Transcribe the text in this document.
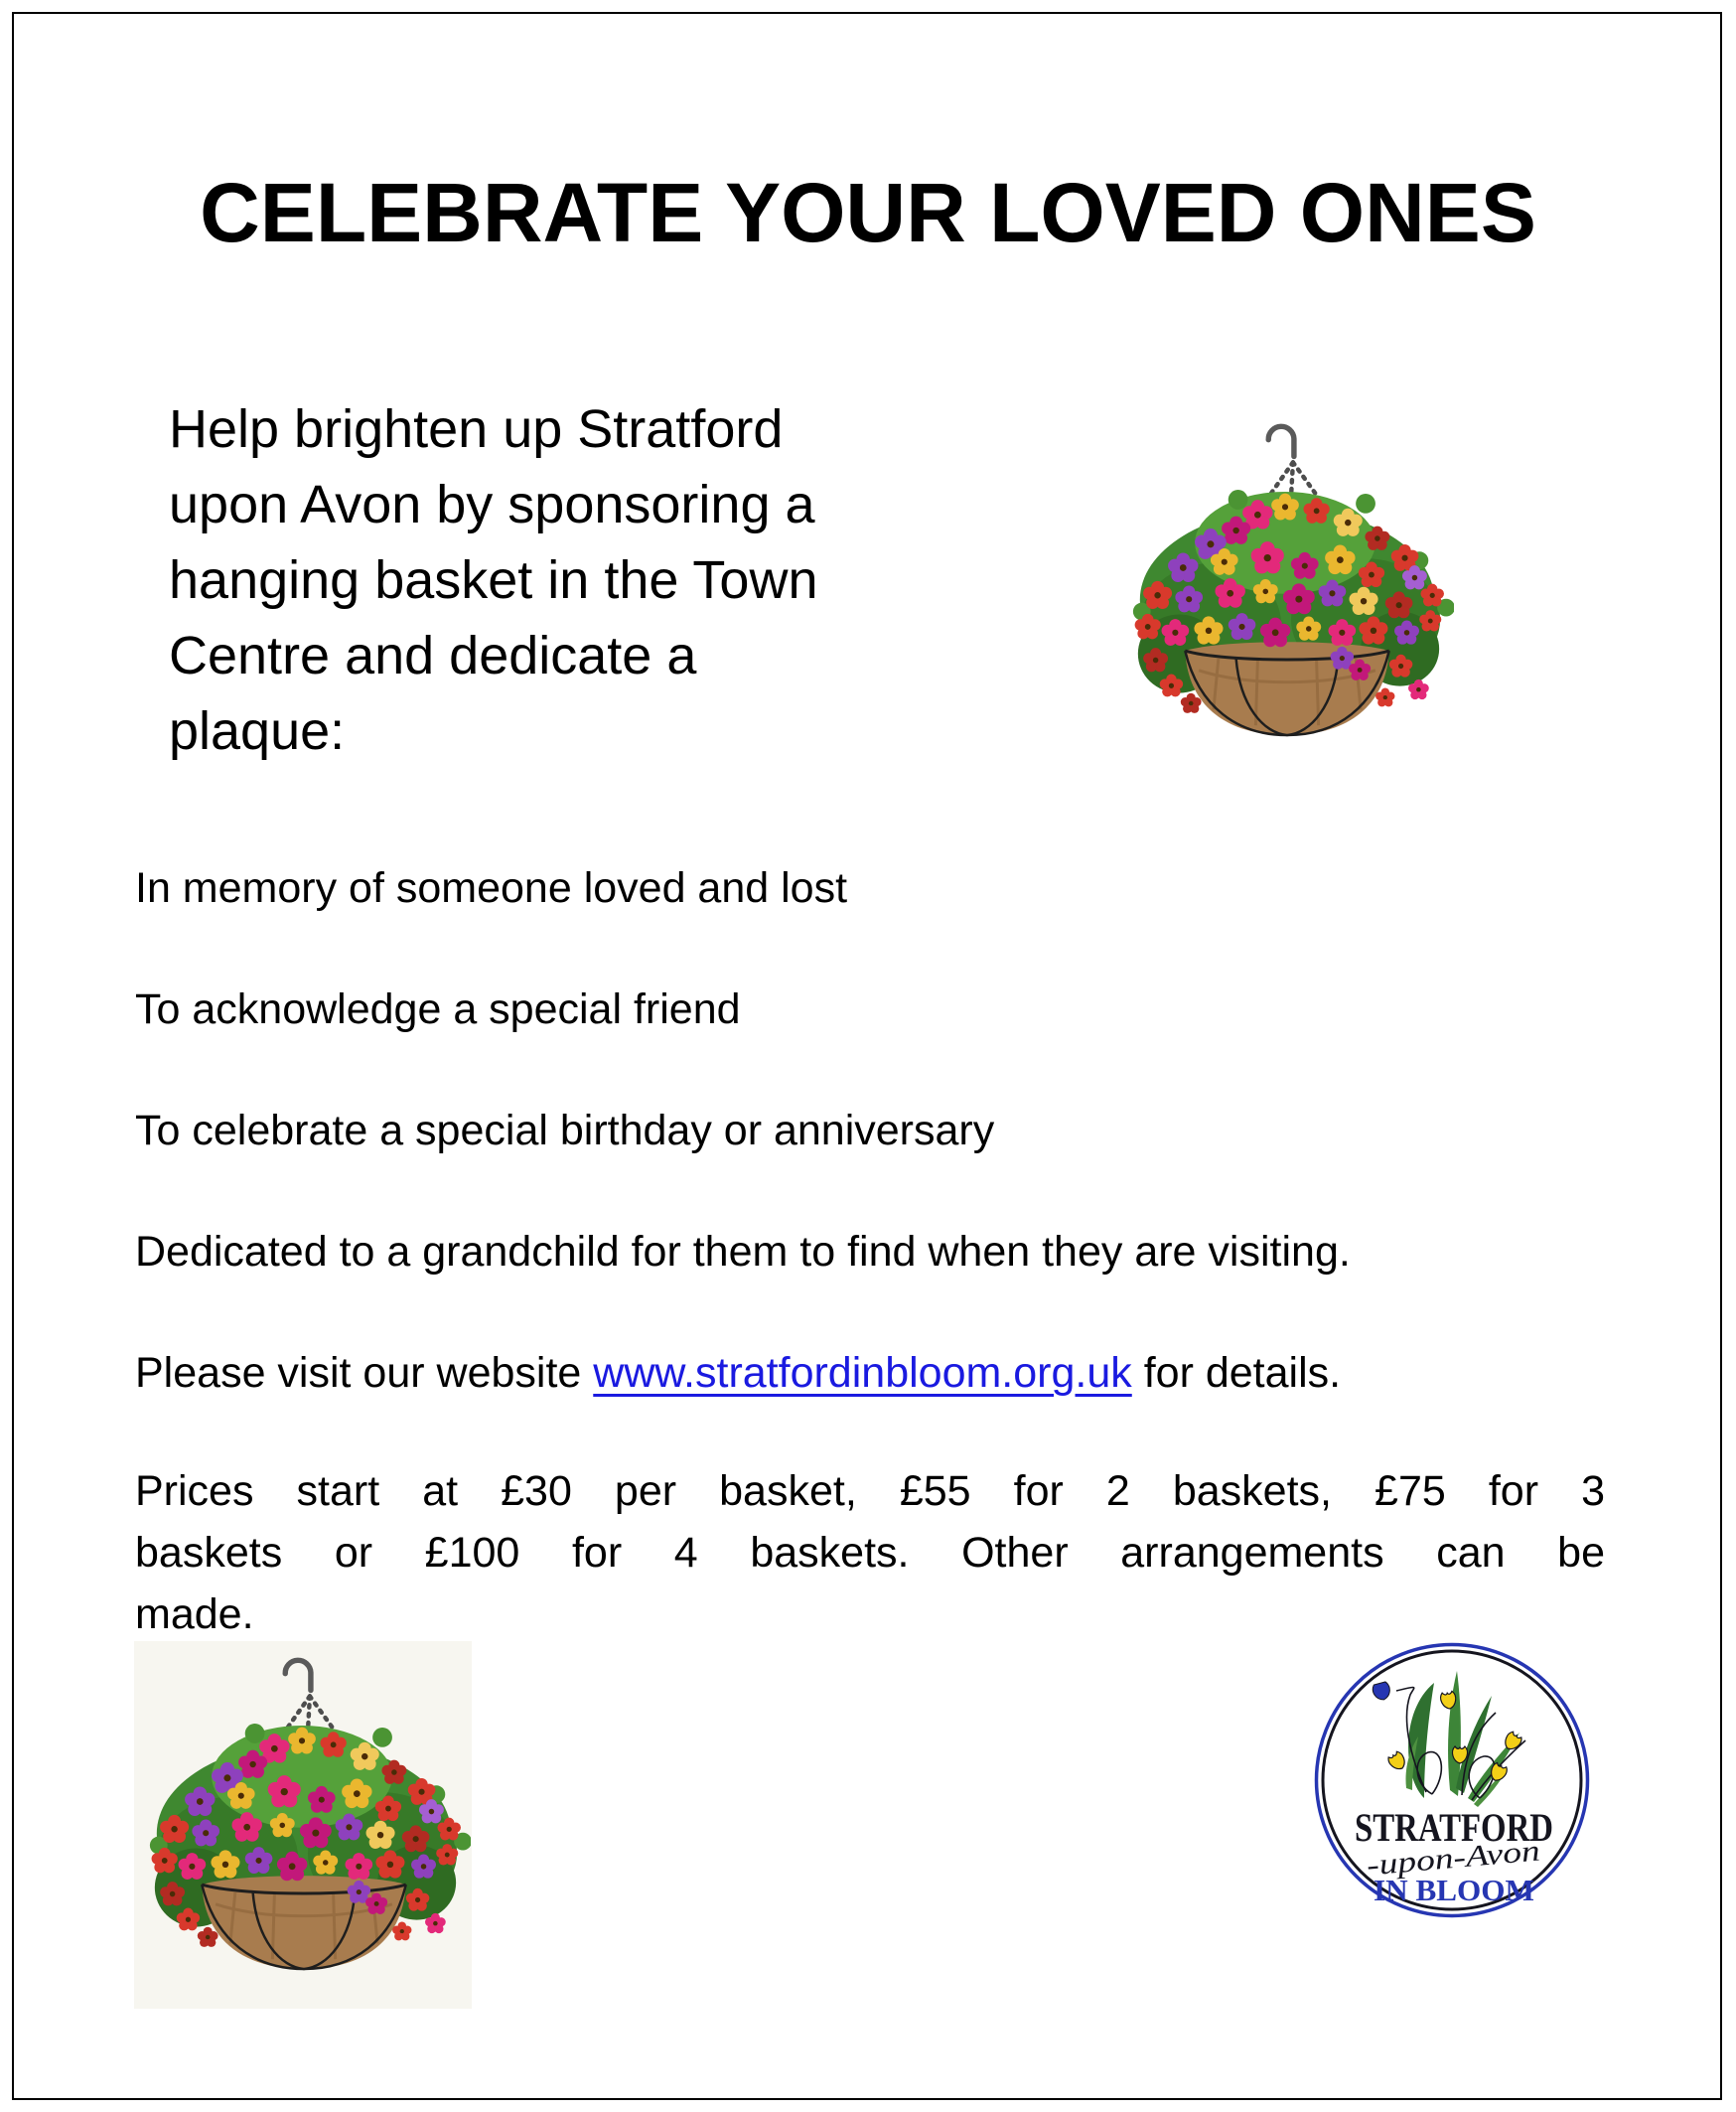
CELEBRATE YOUR LOVED ONES
Help brighten up Stratford
upon Avon by sponsoring a
hanging basket in the Town
Centre and dedicate a
plaque:
In memory of someone loved and lost
To acknowledge a special friend
To celebrate a special birthday or anniversary
Dedicated to a grandchild for them to find when they are visiting.
Please visit our website www.stratfordinbloom.org.uk for details.
Prices start at £30 per basket, £55 for 2 baskets, £75 for 3
baskets or £100 for 4 baskets. Other arrangements can be
made.
STRATFORD
-upon-Avon
IN BLOOM
